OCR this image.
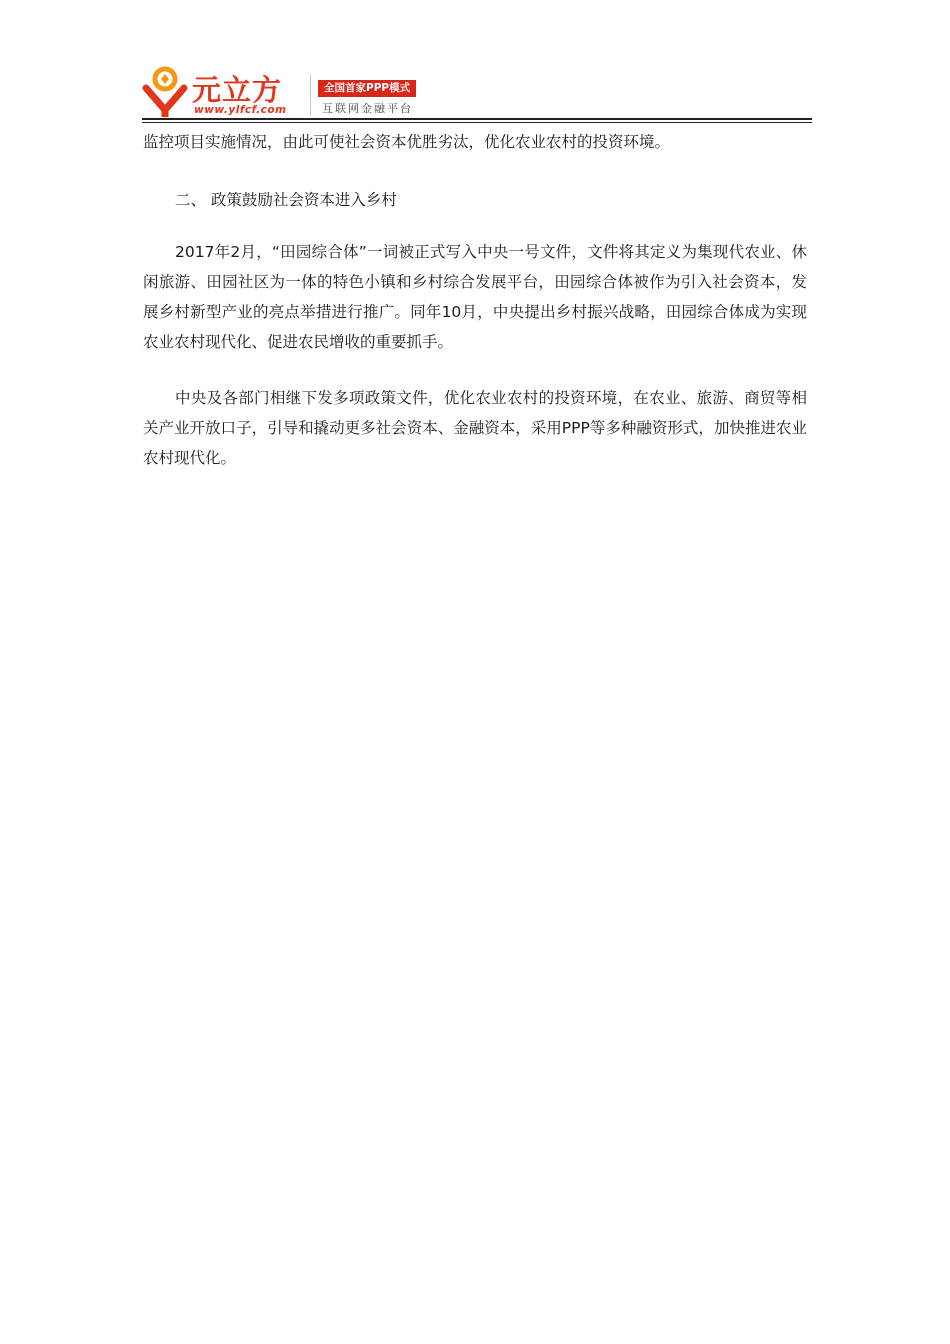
元立方
www.ylfcf.com
全国首家PPP模式
互联网金融平台

监控项目实施情况，由此可使社会资本优胜劣汰，优化农业农村的投资环境。

二、 政策鼓励社会资本进入乡村

2017年2月，“田园综合体”一词被正式写入中央一号文件，文件将其定义为集现代农业、休闲旅游、田园社区为一体的特色小镇和乡村综合发展平台，田园综合体被作为引入社会资本，发展乡村新型产业的亮点举措进行推广。同年10月，中央提出乡村振兴战略，田园综合体成为实现农业农村现代化、促进农民增收的重要抓手。

中央及各部门相继下发多项政策文件，优化农业农村的投资环境，在农业、旅游、商贸等相关产业开放口子，引导和撬动更多社会资本、金融资本，采用PPP等多种融资形式，加快推进农业农村现代化。
